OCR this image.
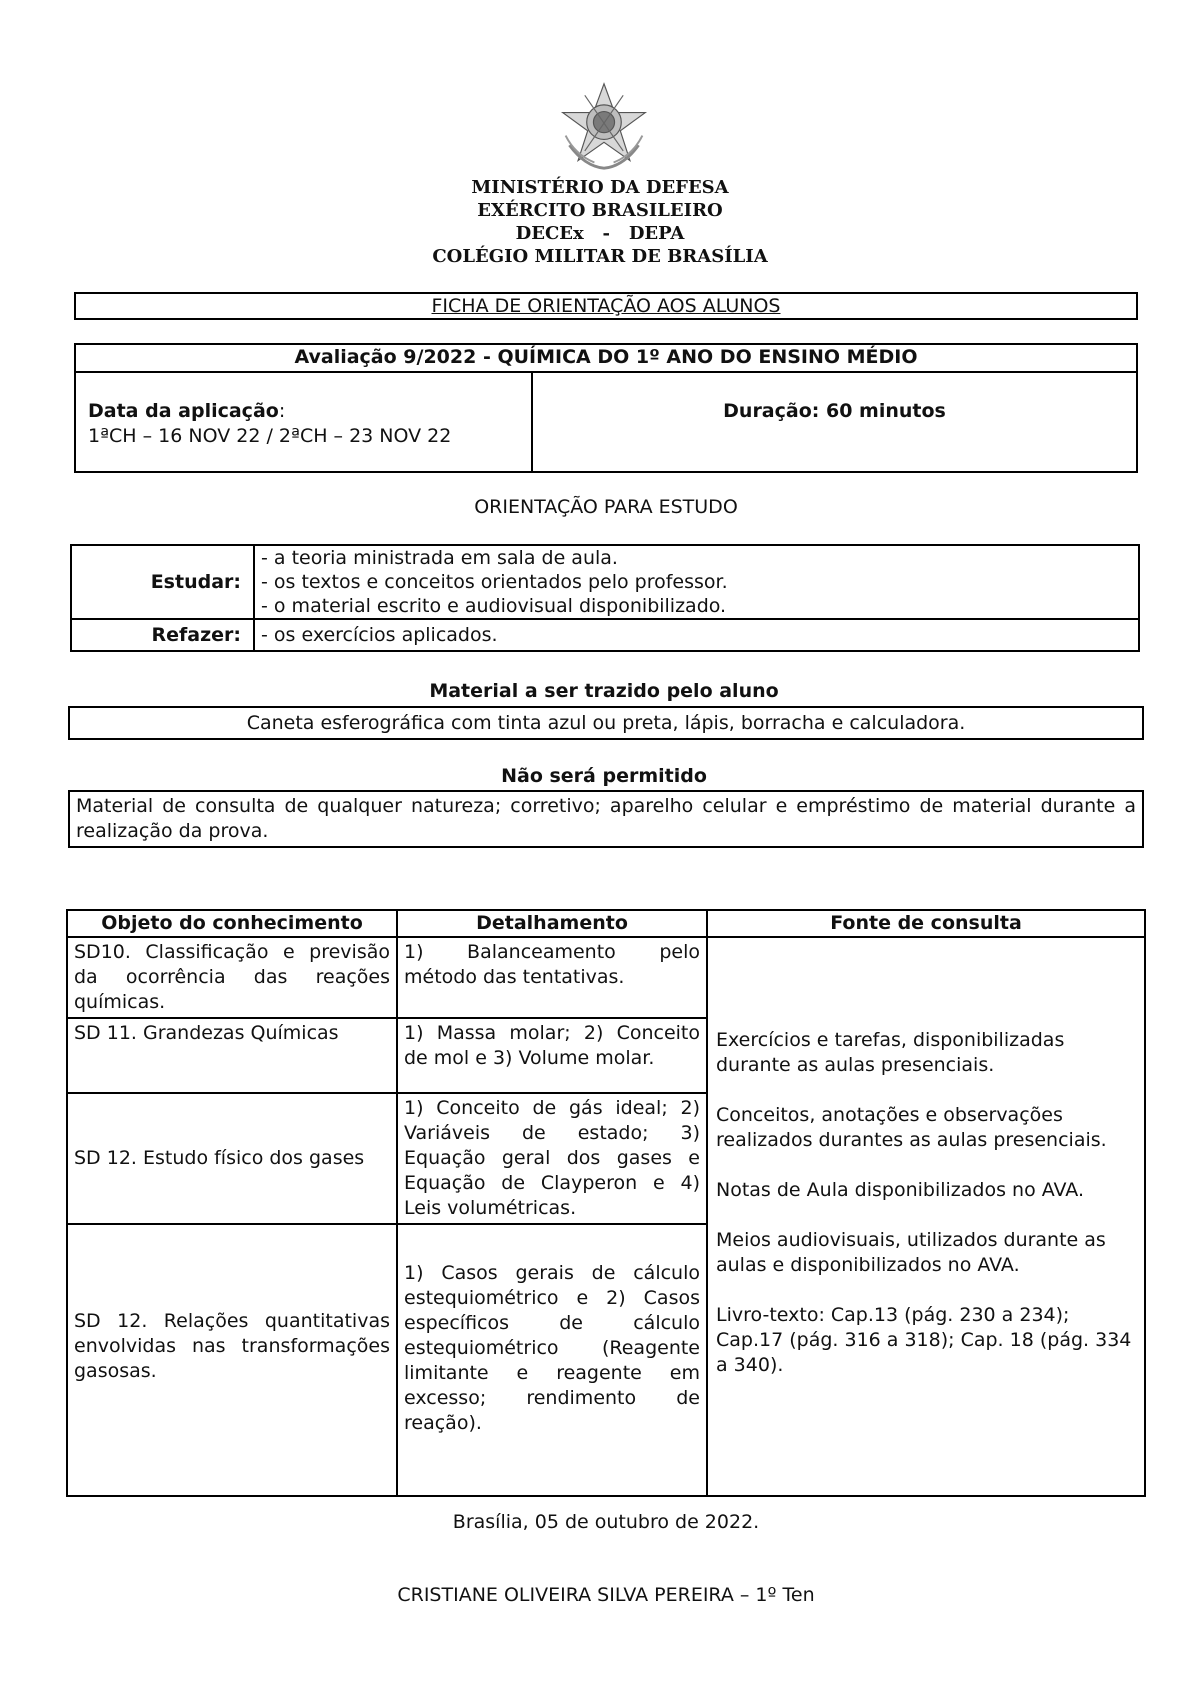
MINISTÉRIO DA DEFESA
EXÉRCITO BRASILEIRO
DECEx   -   DEPA
COLÉGIO MILITAR DE BRASÍLIA
FICHA DE ORIENTAÇÃO AOS ALUNOS
Avaliação 9/2022 - QUÍMICA DO 1º ANO DO ENSINO MÉDIO

Data da aplicação:
1ªCH – 16 NOV 22 / 2ªCH – 23 NOV 22
	Duração: 60 minutos
ORIENTAÇÃO PARA ESTUDO
Estudar:	- a teoria ministrada em sala de aula.
- os textos e conceitos orientados pelo professor.
- o material escrito e audiovisual disponibilizado.

Refazer:	- os exercícios aplicados.
Material a ser trazido pelo aluno
Caneta esferográfica com tinta azul ou preta, lápis, borracha e calculadora.
Não será permitido
Material de consulta de qualquer natureza; corretivo; aparelho celular e empréstimo de material durante a realização da prova.
Objeto do conhecimento	Detalhamento	Fonte de consulta
SD10. Classificação e previsão da ocorrência das reações químicas.	1) Balanceamento pelo método das tentativas.	Exercícios e tarefas, disponibilizadas durante as aulas presenciais.
Conceitos, anotações e observações realizados durantes as aulas presenciais.
Notas de Aula disponibilizados no AVA.
Meios audiovisuais, utilizados durante as aulas e disponibilizados no AVA.
Livro-texto: Cap.13 (pág. 230 a 234); Cap.17 (pág. 316 a 318); Cap. 18 (pág. 334 a 340).

SD 11. Grandezas Químicas	1) Massa molar; 2) Conceito de mol e 3) Volume molar.	
SD 12. Estudo físico dos gases	1) Conceito de gás ideal; 2) Variáveis de estado; 3) Equação geral dos gases e Equação de Clayperon e 4) Leis volumétricas.	
SD 12. Relações quantitativas envolvidas nas transformações gasosas.	1) Casos gerais de cálculo estequiométrico e 2) Casos específicos de cálculo estequiométrico (Reagente limitante e reagente em excesso; rendimento de reação).	
Brasília, 05 de outubro de 2022.
CRISTIANE OLIVEIRA SILVA PEREIRA – 1º Ten
